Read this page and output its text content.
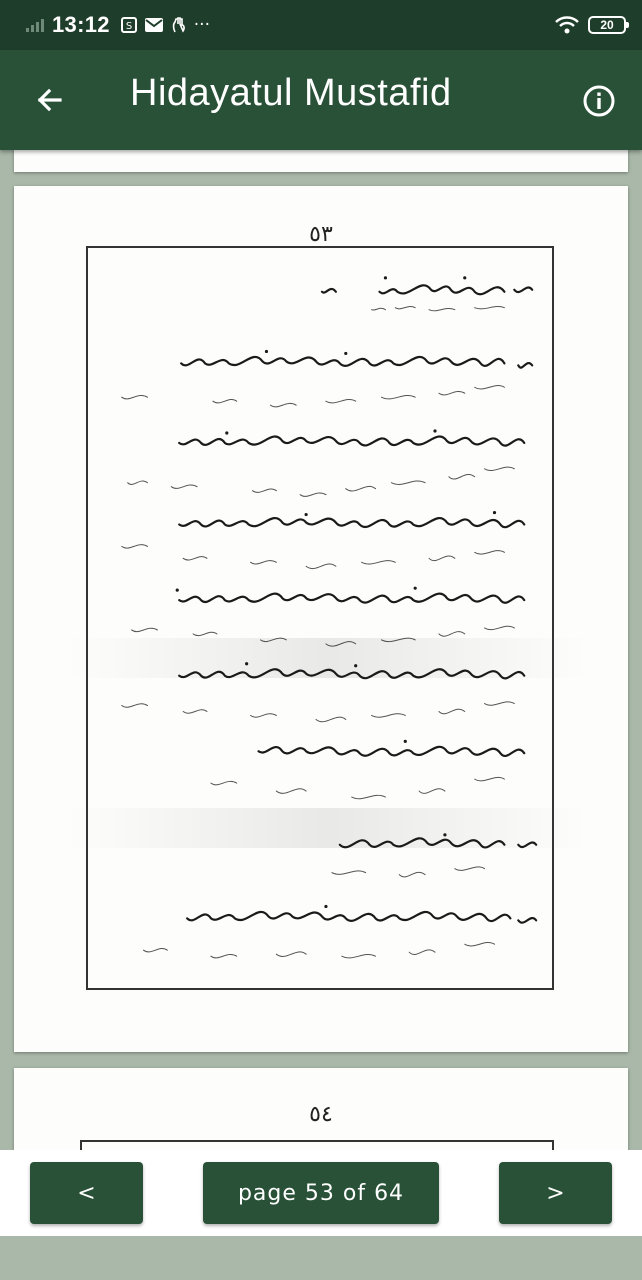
13:12 S	···	20
Hidayatul Mustafid
٥٣
٥٤
<	page 53 of 64	>
